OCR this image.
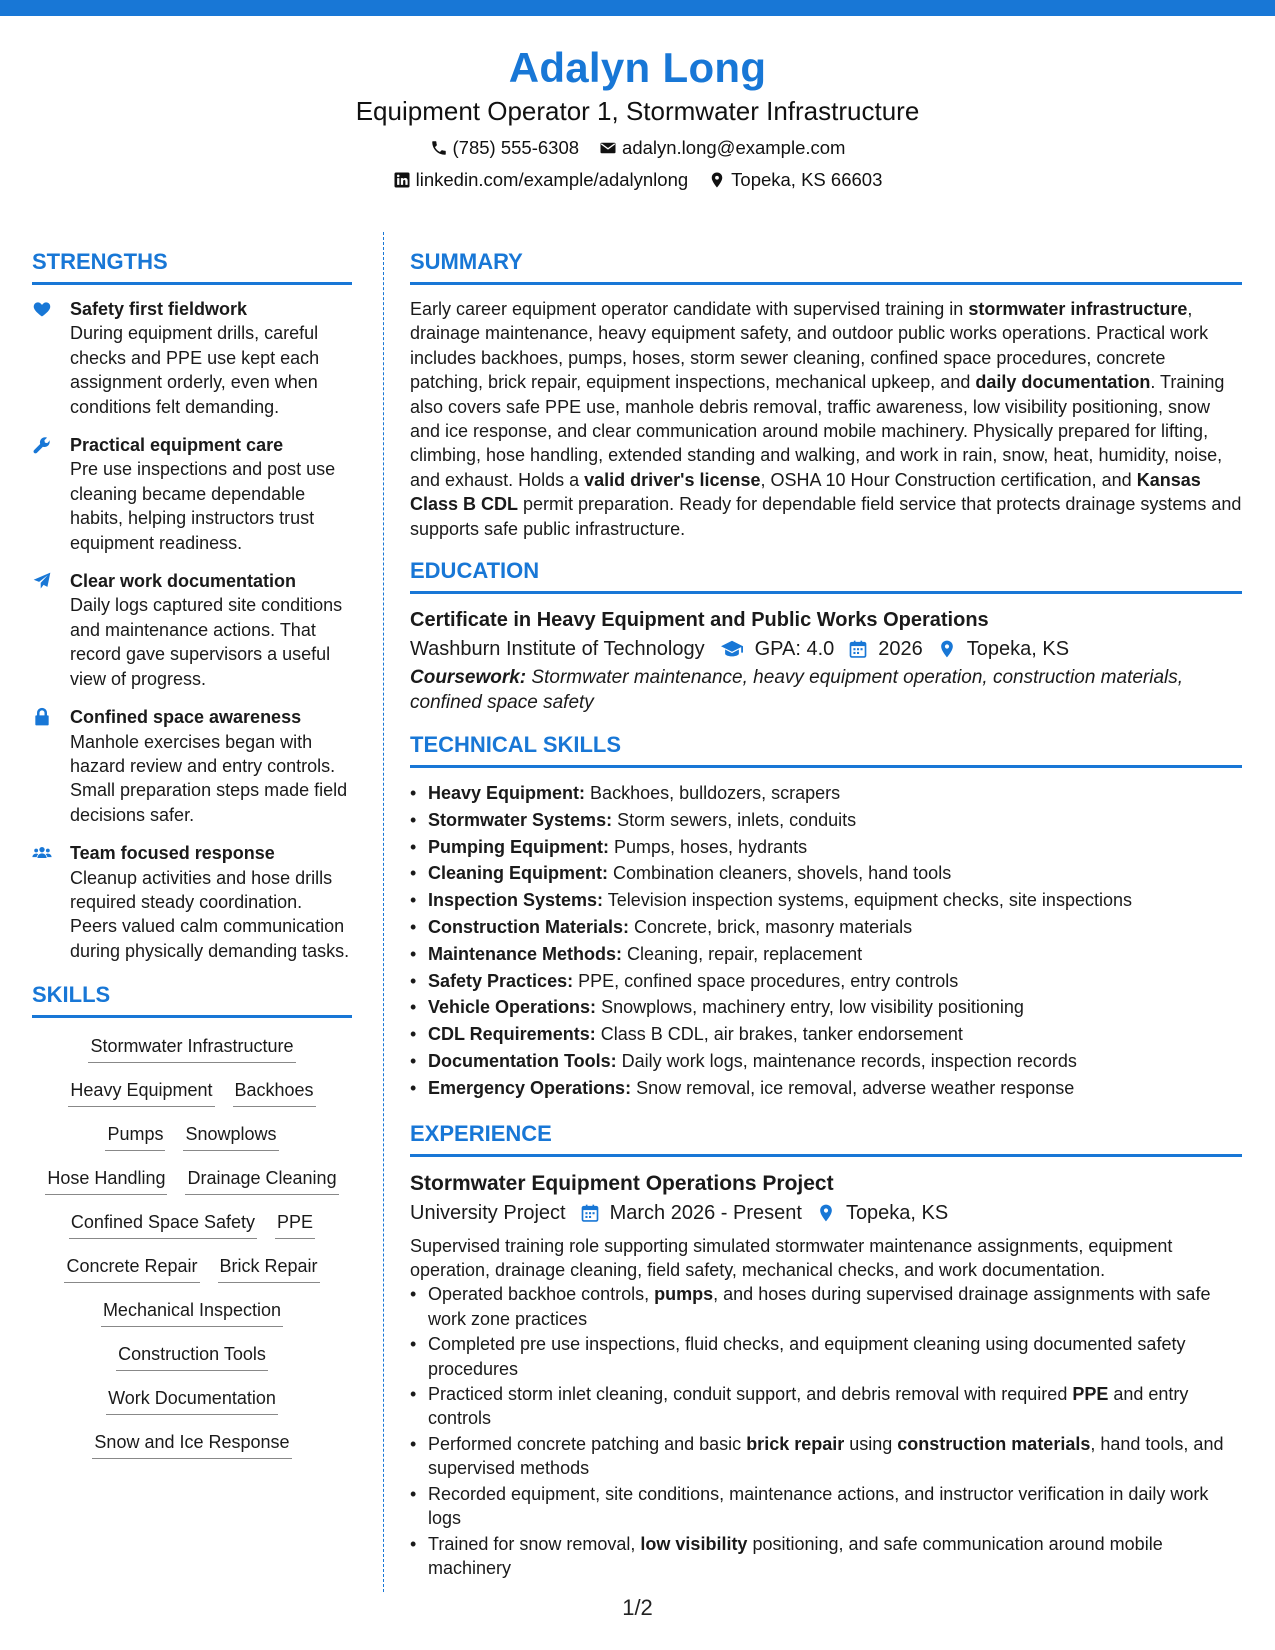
Adalyn Long
Equipment Operator 1, Stormwater Infrastructure
(785) 555-6308 adalyn.long@example.com
linkedin.com/example/adalynlong Topeka, KS 66603
STRENGTHS
Safety first fieldwork
During equipment drills, careful checks and PPE use kept each assignment orderly, even when conditions felt demanding.
Practical equipment care
Pre use inspections and post use cleaning became dependable habits, helping instructors trust equipment readiness.
Clear work documentation
Daily logs captured site conditions and maintenance actions. That record gave supervisors a useful view of progress.
Confined space awareness
Manhole exercises began with hazard review and entry controls. Small preparation steps made field decisions safer.
Team focused response
Cleanup activities and hose drills required steady coordination. Peers valued calm communication during physically demanding tasks.
SKILLS
Stormwater Infrastructure
Heavy Equipment Backhoes
Pumps Snowplows
Hose Handling Drainage Cleaning
Confined Space Safety PPE
Concrete Repair Brick Repair
Mechanical Inspection
Construction Tools
Work Documentation
Snow and Ice Response
SUMMARY
Early career equipment operator candidate with supervised training in stormwater infrastructure, drainage maintenance, heavy equipment safety, and outdoor public works operations. Practical work includes backhoes, pumps, hoses, storm sewer cleaning, confined space procedures, concrete patching, brick repair, equipment inspections, mechanical upkeep, and daily documentation. Training also covers safe PPE use, manhole debris removal, traffic awareness, low visibility positioning, snow and ice response, and clear communication around mobile machinery. Physically prepared for lifting, climbing, hose handling, extended standing and walking, and work in rain, snow, heat, humidity, noise, and exhaust. Holds a valid driver's license, OSHA 10 Hour Construction certification, and Kansas Class B CDL permit preparation. Ready for dependable field service that protects drainage systems and supports safe public infrastructure.
EDUCATION
Certificate in Heavy Equipment and Public Works Operations
Washburn Institute of Technology	GPA: 4.0 2026 Topeka, KS
Coursework: Stormwater maintenance, heavy equipment operation, construction materials, confined space safety
TECHNICAL SKILLS
• Heavy Equipment: Backhoes, bulldozers, scrapers
• Stormwater Systems: Storm sewers, inlets, conduits
• Pumping Equipment: Pumps, hoses, hydrants
• Cleaning Equipment: Combination cleaners, shovels, hand tools
• Inspection Systems: Television inspection systems, equipment checks, site inspections
• Construction Materials: Concrete, brick, masonry materials
• Maintenance Methods: Cleaning, repair, replacement
• Safety Practices: PPE, confined space procedures, entry controls
• Vehicle Operations: Snowplows, machinery entry, low visibility positioning
• CDL Requirements: Class B CDL, air brakes, tanker endorsement
• Documentation Tools: Daily work logs, maintenance records, inspection records
• Emergency Operations: Snow removal, ice removal, adverse weather response
EXPERIENCE
Stormwater Equipment Operations Project
University Project March 2026 - Present Topeka, KS
Supervised training role supporting simulated stormwater maintenance assignments, equipment operation, drainage cleaning, field safety, mechanical checks, and work documentation.
• Operated backhoe controls, pumps, and hoses during supervised drainage assignments with safe work zone practices
• Completed pre use inspections, fluid checks, and equipment cleaning using documented safety procedures
• Practiced storm inlet cleaning, conduit support, and debris removal with required PPE and entry controls
• Performed concrete patching and basic brick repair using construction materials, hand tools, and supervised methods
• Recorded equipment, site conditions, maintenance actions, and instructor verification in daily work logs
• Trained for snow removal, low visibility positioning, and safe communication around mobile machinery
1/2
